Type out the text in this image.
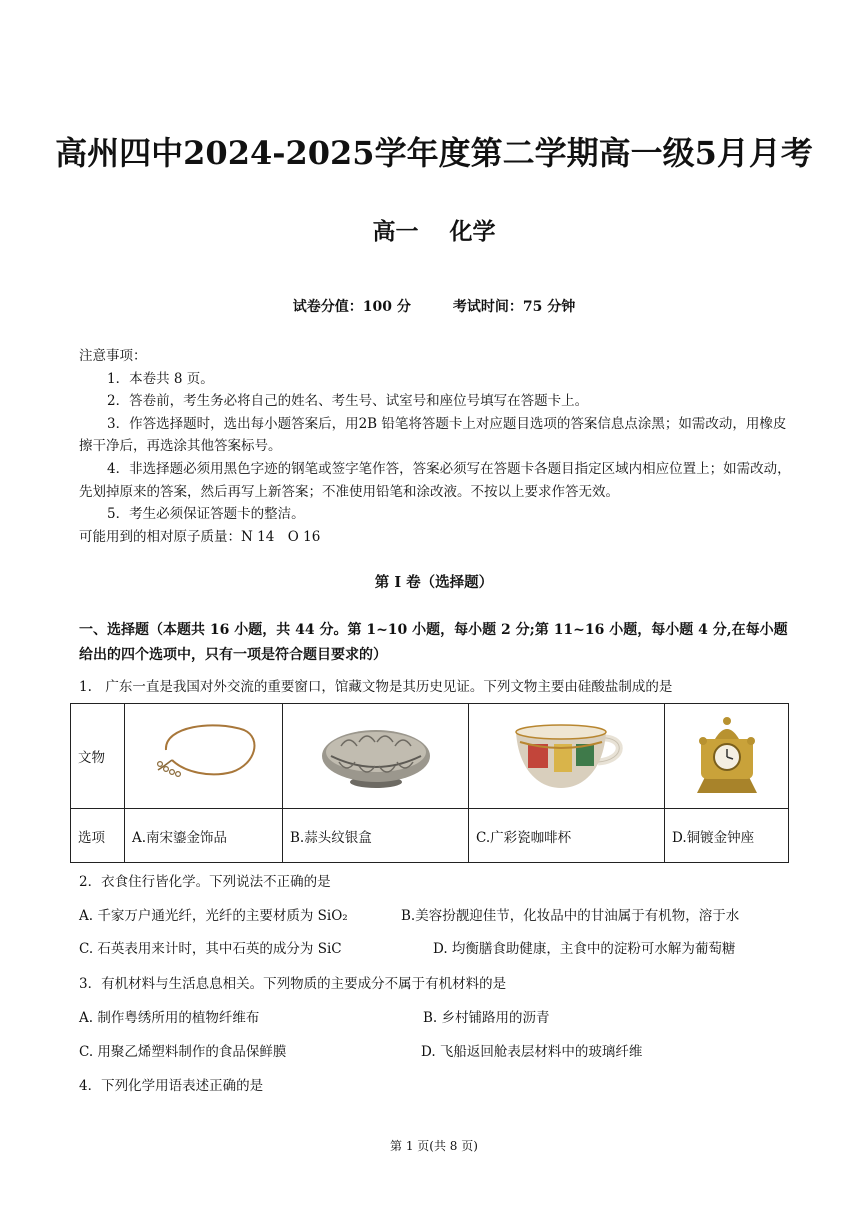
高州四中2024-2025学年度第二学期高一级5月月考
高一　 化学
试卷分值：100 分　　　考试时间：75 分钟

注意事项：

1．本卷共 8 页。

2．答卷前，考生务必将自己的姓名、考生号、试室号和座位号填写在答题卡上。

3．作答选择题时，选出每小题答案后，用2B 铅笔将答题卡上对应题目选项的答案信息点涂黑；如需改动，用橡皮擦干净后，再选涂其他答案标号。

4．非选择题必须用黑色字迹的钢笔或签字笔作答，答案必须写在答题卡各题目指定区域内相应位置上；如需改动，先划掉原来的答案，然后再写上新答案；不准使用铅笔和涂改液。不按以上要求作答无效。

5．考生必须保证答题卡的整洁。

可能用到的相对原子质量：N 14　O 16

第 I 卷（选择题）
一、选择题（本题共 16 小题，共 44 分。第 1~10 小题，每小题 2 分;第 11~16 小题，每小题 4 分,在每小题给出的四个选项中，只有一项是符合题目要求的）
1.　广东一直是我国对外交流的重要窗口，馆藏文物是其历史见证。下列文物主要由硅酸盐制成的是
文物	

选项	A.南宋鎏金饰品	B.蒜头纹银盒	C.广彩瓷咖啡杯	D.铜镀金钟座
2．衣食住行皆化学。下列说法不正确的是
A. 千家万户通光纤，光纤的主要材质为 SiO₂	B.美容扮靓迎佳节，化妆品中的甘油属于有机物，溶于水
C. 石英表用来计时，其中石英的成分为 SiC	D. 均衡膳食助健康，主食中的淀粉可水解为葡萄糖
3．有机材料与生活息息相关。下列物质的主要成分不属于有机材料的是
A. 制作粤绣所用的植物纤维布	B. 乡村铺路用的沥青
C. 用聚乙烯塑料制作的食品保鲜膜	D. 飞船返回舱表层材料中的玻璃纤维
4．下列化学用语表述正确的是
第 1 页(共 8 页)
